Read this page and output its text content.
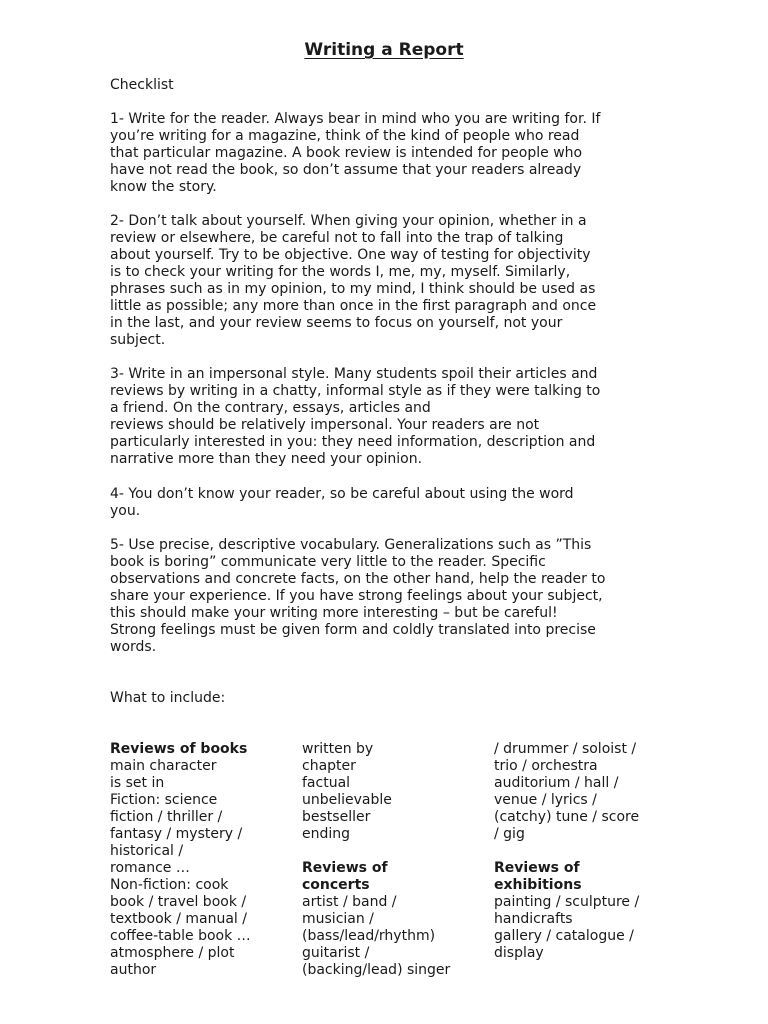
Writing a Report
Checklist
1- Write for the reader. Always bear in mind who you are writing for. If
you’re writing for a magazine, think of the kind of people who read
that particular magazine. A book review is intended for people who
have not read the book, so don’t assume that your readers already
know the story.
2- Don’t talk about yourself. When giving your opinion, whether in a
review or elsewhere, be careful not to fall into the trap of talking
about yourself. Try to be objective. One way of testing for objectivity
is to check your writing for the words I, me, my, myself. Similarly,
phrases such as in my opinion, to my mind, I think should be used as
little as possible; any more than once in the first paragraph and once
in the last, and your review seems to focus on yourself, not your
subject.
3- Write in an impersonal style. Many students spoil their articles and
reviews by writing in a chatty, informal style as if they were talking to
a friend. On the contrary, essays, articles and
reviews should be relatively impersonal. Your readers are not
particularly interested in you: they need information, description and
narrative more than they need your opinion.
4- You don’t know your reader, so be careful about using the word
you.
5- Use precise, descriptive vocabulary. Generalizations such as ”This
book is boring” communicate very little to the reader. Specific
observations and concrete facts, on the other hand, help the reader to
share your experience. If you have strong feelings about your subject,
this should make your writing more interesting – but be careful!
Strong feelings must be given form and coldly translated into precise
words.
What to include:
Reviews of books
main character
is set in
Fiction: science
fiction / thriller /
fantasy / mystery /
historical /
romance …
Non-fiction: cook
book / travel book /
textbook / manual /
coffee-table book …
atmosphere / plot
author
written by
chapter
factual
unbelievable
bestseller
ending
Reviews of
concerts
artist / band /
musician /
(bass/lead/rhythm)
guitarist /
(backing/lead) singer
/ drummer / soloist /
trio / orchestra
auditorium / hall /
venue / lyrics /
(catchy) tune / score
/ gig
Reviews of
exhibitions
painting / sculpture /
handicrafts
gallery / catalogue /
display
